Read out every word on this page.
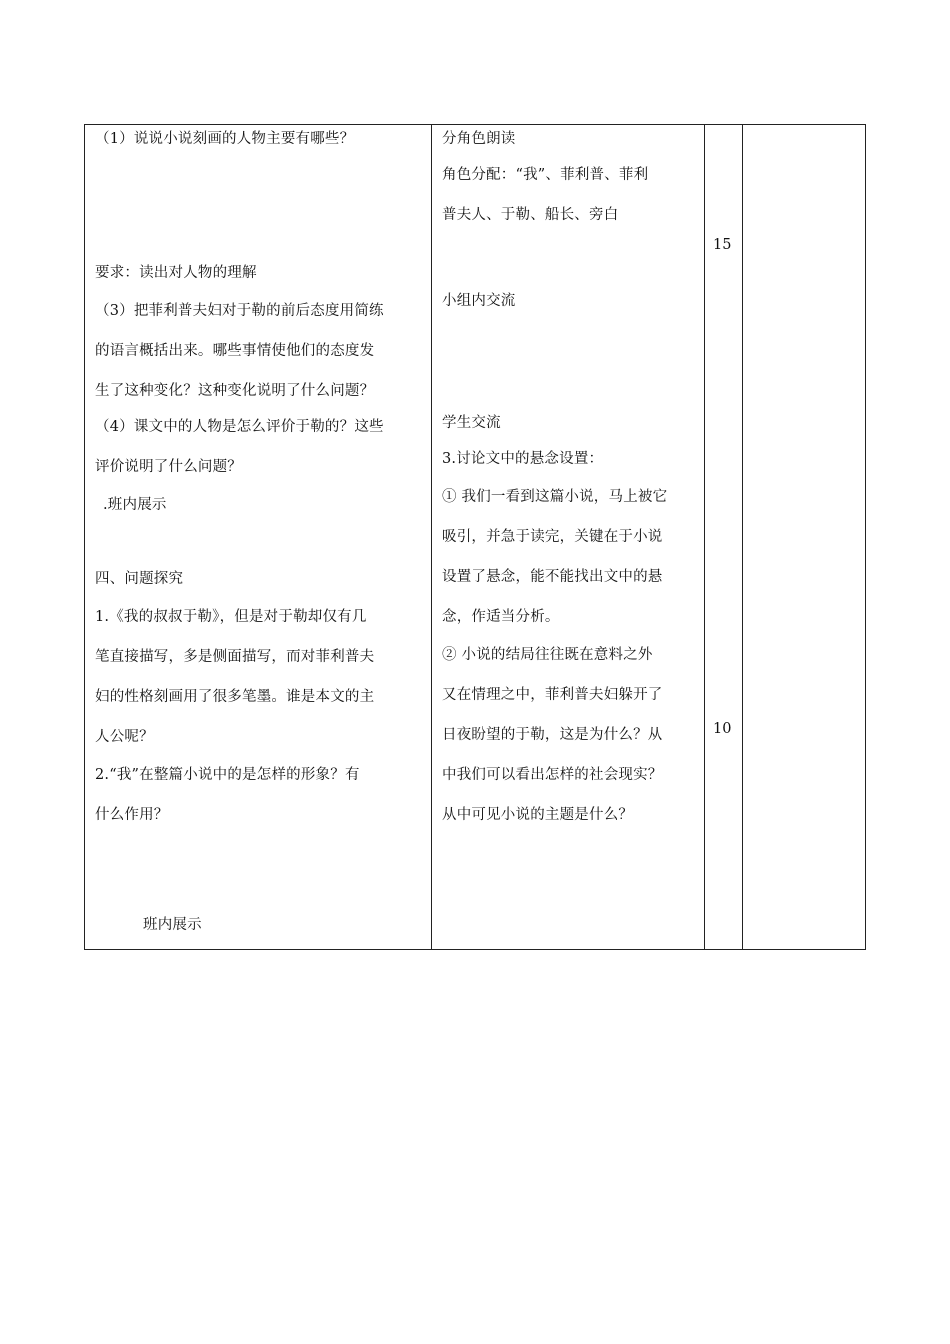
（1）说说小说刻画的人物主要有哪些？
要求：读出对人物的理解
（3）把菲利普夫妇对于勒的前后态度用简练
的语言概括出来。哪些事情使他们的态度发
生了这种变化？这种变化说明了什么问题？
（4）课文中的人物是怎么评价于勒的？这些
评价说明了什么问题？
.班内展示
四、问题探究
1.《我的叔叔于勒》，但是对于勒却仅有几
笔直接描写，多是侧面描写，而对菲利普夫
妇的性格刻画用了很多笔墨。谁是本文的主
人公呢？
2.“我”在整篇小说中的是怎样的形象？有
什么作用？
班内展示
分角色朗读
角色分配：“我”、菲利普、菲利
普夫人、于勒、船长、旁白
小组内交流
学生交流
3.讨论文中的悬念设置：
① 我们一看到这篇小说，马上被它
吸引，并急于读完，关键在于小说
设置了悬念，能不能找出文中的悬
念，作适当分析。
② 小说的结局往往既在意料之外
又在情理之中，菲利普夫妇躲开了
日夜盼望的于勒，这是为什么？从
中我们可以看出怎样的社会现实？
从中可见小说的主题是什么？
15
10
